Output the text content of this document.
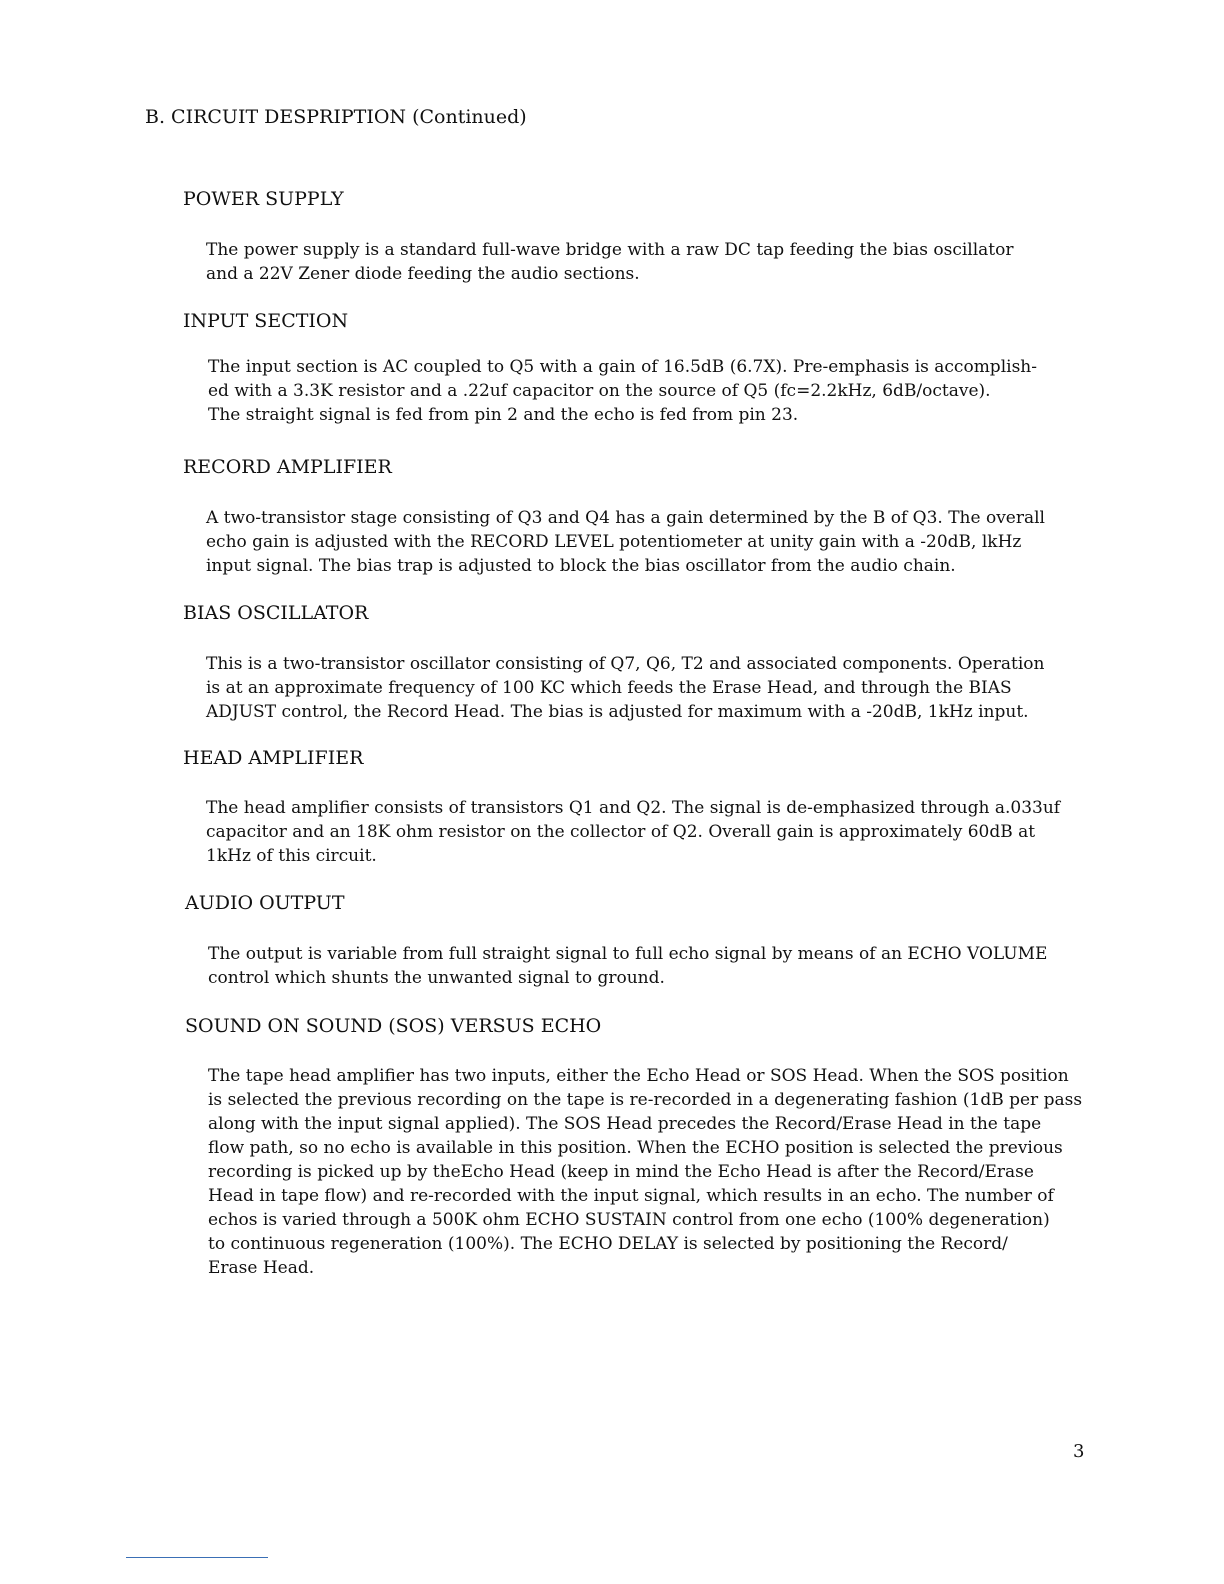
B. CIRCUIT DESPRIPTION (Continued)
POWER SUPPLY
The power supply is a standard full-wave bridge with a raw DC tap feeding the bias oscillator
and a 22V Zener diode feeding the audio sections.
INPUT SECTION
The input section is AC coupled to Q5 with a gain of 16.5dB (6.7X). Pre-emphasis is accomplish-
ed with a 3.3K resistor and a .22uf capacitor on the source of Q5 (fc=2.2kHz, 6dB/octave).
The straight signal is fed from pin 2 and the echo is fed from pin 23.
RECORD AMPLIFIER
A two-transistor stage consisting of Q3 and Q4 has a gain determined by the B of Q3. The overall
echo gain is adjusted with the RECORD LEVEL potentiometer at unity gain with a -20dB, lkHz
input signal. The bias trap is adjusted to block the bias oscillator from the audio chain.
BIAS OSCILLATOR
This is a two-transistor oscillator consisting of Q7, Q6, T2 and associated components. Operation
is at an approximate frequency of 100 KC which feeds the Erase Head, and through the BIAS
ADJUST control, the Record Head. The bias is adjusted for maximum with a -20dB, 1kHz input.
HEAD AMPLIFIER
The head amplifier consists of transistors Q1 and Q2. The signal is de-emphasized through a.033uf
capacitor and an 18K ohm resistor on the collector of Q2. Overall gain is approximately 60dB at
1kHz of this circuit.
AUDIO OUTPUT
The output is variable from full straight signal to full echo signal by means of an ECHO VOLUME
control which shunts the unwanted signal to ground.
SOUND ON SOUND (SOS) VERSUS ECHO
The tape head amplifier has two inputs, either the Echo Head or SOS Head. When the SOS position
is selected the previous recording on the tape is re-recorded in a degenerating fashion (1dB per pass
along with the input signal applied). The SOS Head precedes the Record/Erase Head in the tape
flow path, so no echo is available in this position. When the ECHO position is selected the previous
recording is picked up by theEcho Head (keep in mind the Echo Head is after the Record/Erase
Head in tape flow) and re-recorded with the input signal, which results in an echo. The number of
echos is varied through a 500K ohm ECHO SUSTAIN control from one echo (100% degeneration)
to continuous regeneration (100%). The ECHO DELAY is selected by positioning the Record/
Erase Head.
3
